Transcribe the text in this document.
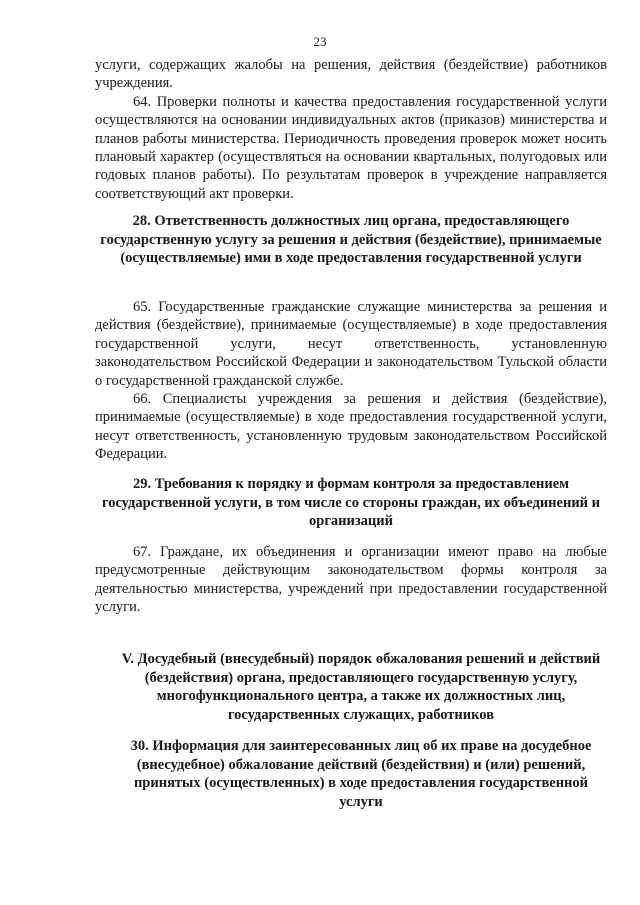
23

услуги, содержащих жалобы на решения, действия (бездействие) работников учреждения.

64. Проверки полноты и качества предоставления государственной услуги осуществляются на основании индивидуальных актов (приказов) министерства и планов работы министерства. Периодичность проведения проверок может носить плановый характер (осуществляться на основании квартальных, полугодовых или годовых планов работы). По результатам проверок в учреждение направляется соответствующий акт проверки.

28. Ответственность должностных лиц органа, предоставляющего государственную услугу за решения и действия (бездействие), принимаемые (осуществляемые) ими в ходе предоставления государственной услуги

65. Государственные гражданские служащие министерства за решения и действия (бездействие), принимаемые (осуществляемые) в ходе предоставления государственной услуги, несут ответственность, установленную законодательством Российской Федерации и законодательством Тульской области о государственной гражданской службе.

66. Специалисты учреждения за решения и действия (бездействие), принимаемые (осуществляемые) в ходе предоставления государственной услуги, несут ответственность, установленную трудовым законодательством Российской Федерации.

29. Требования к порядку и формам контроля за предоставлением государственной услуги, в том числе со стороны граждан, их объединений и организаций

67. Граждане, их объединения и организации имеют право на любые предусмотренные действующим законодательством формы контроля за деятельностью министерства, учреждений при предоставлении государственной услуги.

V. Досудебный (внесудебный) порядок обжалования решений и действий (бездействия) органа, предоставляющего государственную услугу, многофункционального центра, а также их должностных лиц, государственных служащих, работников
30. Информация для заинтересованных лиц об их праве на досудебное (внесудебное) обжалование действий (бездействия) и (или) решений, принятых (осуществленных) в ходе предоставления государственной услуги
